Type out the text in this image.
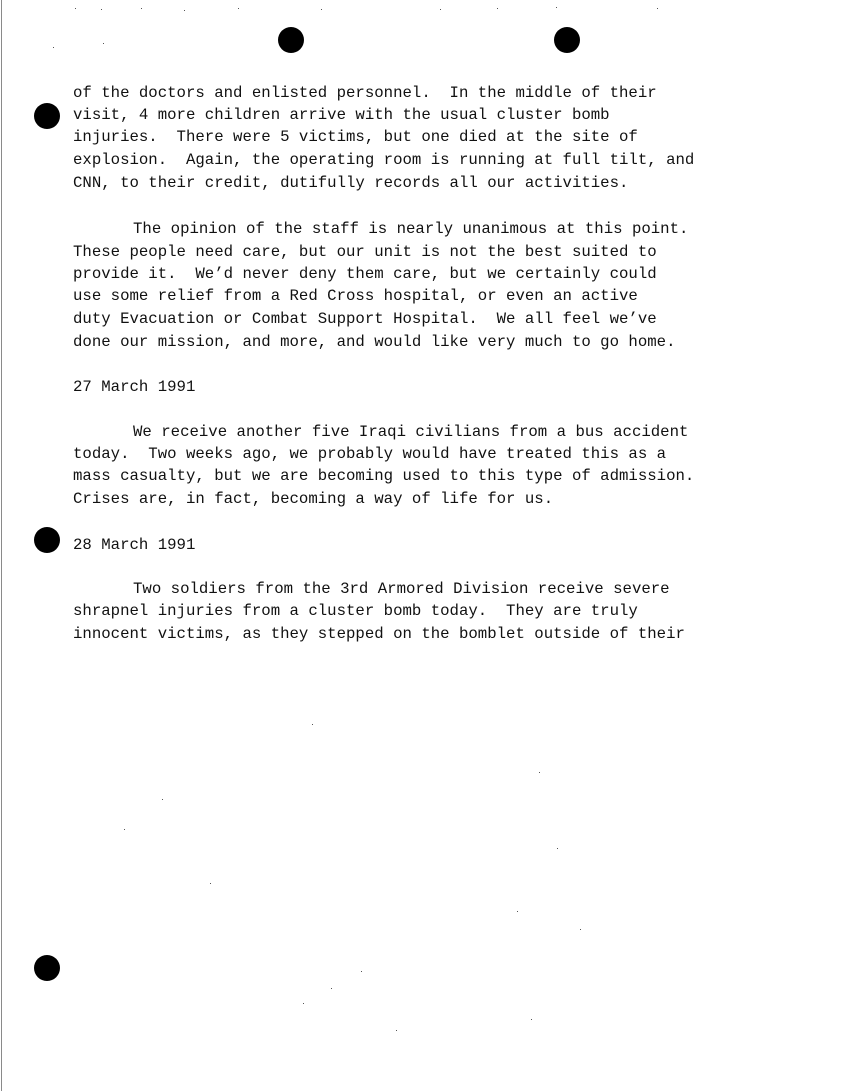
of the doctors and enlisted personnel.  In the middle of their

visit, 4 more children arrive with the usual cluster bomb

injuries.  There were 5 victims, but one died at the site of

explosion.  Again, the operating room is running at full tilt, and

CNN, to their credit, dutifully records all our activities.

The opinion of the staff is nearly unanimous at this point.

These people need care, but our unit is not the best suited to

provide it.  We’d never deny them care, but we certainly could

use some relief from a Red Cross hospital, or even an active

duty Evacuation or Combat Support Hospital.  We all feel we’ve

done our mission, and more, and would like very much to go home.

27 March 1991

We receive another five Iraqi civilians from a bus accident

today.  Two weeks ago, we probably would have treated this as a

mass casualty, but we are becoming used to this type of admission.

Crises are, in fact, becoming a way of life for us.

28 March 1991

Two soldiers from the 3rd Armored Division receive severe

shrapnel injuries from a cluster bomb today.  They are truly

innocent victims, as they stepped on the bomblet outside of their
